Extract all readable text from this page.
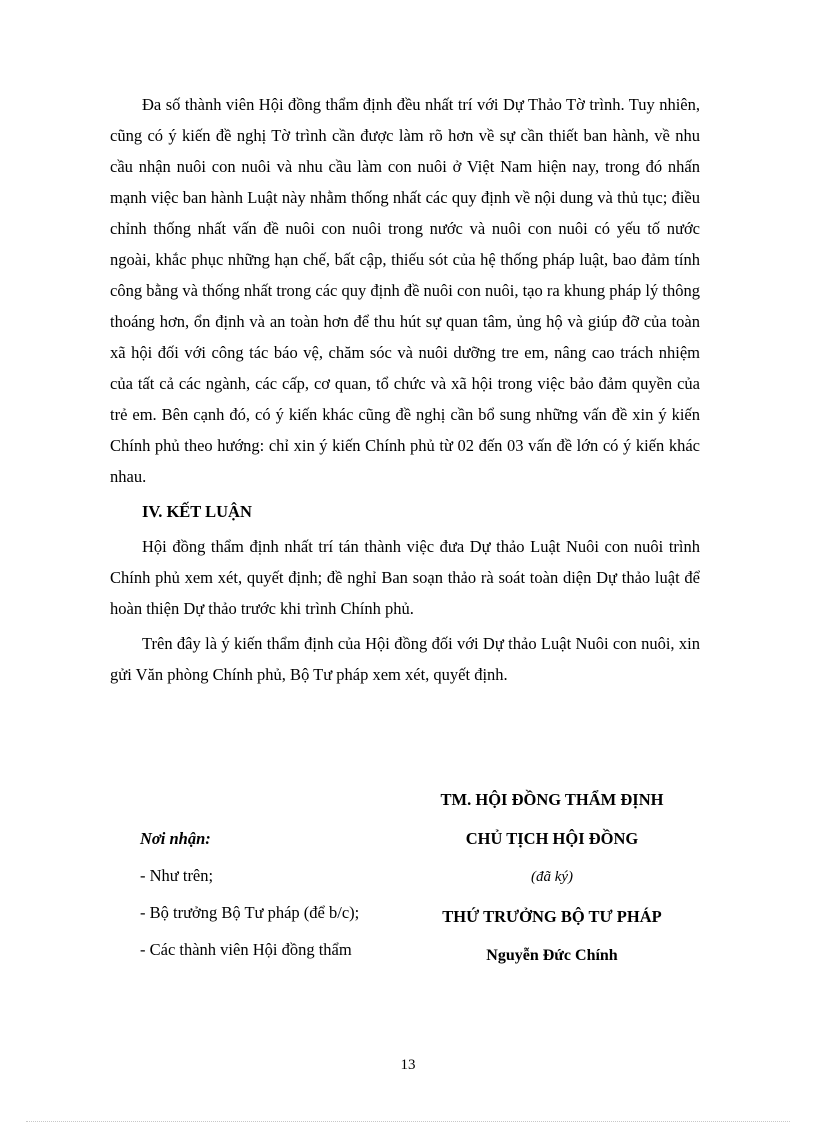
Đa số thành viên Hội đồng thẩm định đều nhất trí với Dự Thảo Tờ trình. Tuy nhiên, cũng có ý kiến đề nghị Tờ trình cần được làm rõ hơn về sự cần thiết ban hành, về nhu cầu nhận nuôi con nuôi và nhu cầu làm con nuôi ở Việt Nam hiện nay, trong đó nhấn mạnh việc ban hành Luật này nhằm thống nhất các quy định về nội dung và thủ tục; điều chỉnh thống nhất vấn đề nuôi con nuôi trong nước và nuôi con nuôi có yếu tố nước ngoài, khắc phục những hạn chế, bất cập, thiếu sót của hệ thống pháp luật, bao đảm tính công bằng và thống nhất trong các quy định đề nuôi con nuôi, tạo ra khung pháp lý thông thoáng hơn, ổn định và an toàn hơn để thu hút sự quan tâm, ủng hộ và giúp đỡ của toàn xã hội đối với công tác báo vệ, chăm sóc và nuôi dưỡng tre em, nâng cao trách nhiệm của tất cả các ngành, các cấp, cơ quan, tổ chức và xã hội trong việc bảo đảm quyền của trẻ em. Bên cạnh đó, có ý kiến khác cũng đề nghị cần bổ sung những vấn đề xin ý kiến Chính phủ theo hướng: chỉ xin ý kiến Chính phủ từ 02 đến 03 vấn đề lớn có ý kiến khác nhau.

IV. KẾT LUẬN

Hội đồng thẩm định nhất trí tán thành việc đưa Dự thảo Luật Nuôi con nuôi trình Chính phủ xem xét, quyết định; đề nghỉ Ban soạn thảo rà soát toàn diện Dự thảo luật để hoàn thiện Dự thảo trước khi trình Chính phủ.

Trên đây là ý kiến thẩm định của Hội đồng đối với Dự thảo Luật Nuôi con nuôi, xin gửi Văn phòng Chính phủ, Bộ Tư pháp xem xét, quyết định.

Nơi nhận:
- Như trên;
- Bộ trưởng Bộ Tư pháp (để b/c);
- Các thành viên Hội đồng thẩm
TM. HỘI ĐỒNG THẨM ĐỊNH
CHỦ TỊCH HỘI ĐỒNG
(đã ký)
THỨ TRƯỞNG BỘ TƯ PHÁP
Nguyễn Đức Chính
13
